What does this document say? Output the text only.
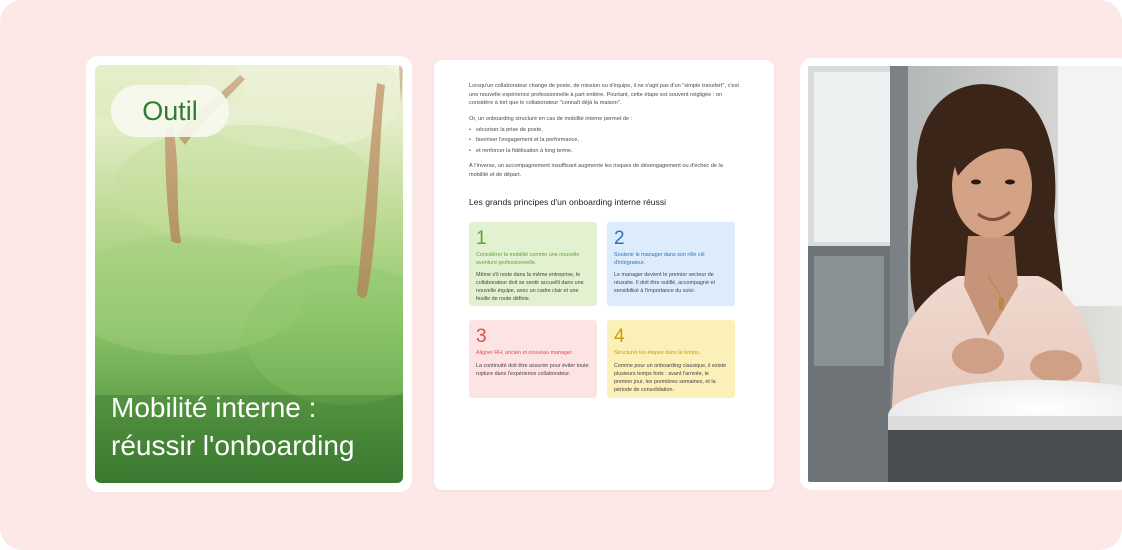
Outil
Mobilité interne : réussir l'onboarding

Lorsqu'un collaborateur change de poste, de mission ou d'équipe, il ne s'agit pas d'un "simple transfert", c'est une nouvelle expérience professionnelle à part entière. Pourtant, cette étape est souvent négligée : on considère à tort que le collaborateur "connaît déjà la maison".

Or, un onboarding structuré en cas de mobilité interne permet de :

• sécuriser la prise de poste,
• favoriser l'engagement et la performance,
• et renforcer la fidélisation à long terme.

À l'inverse, un accompagnement insuffisant augmente les risques de désengagement ou d'échec de la mobilité et de départ.

Les grands principes d'un onboarding interne réussi
1
Considérer la mobilité comme une nouvelle aventure professionnelle.
Même s'il reste dans la même entreprise, le collaborateur doit se sentir accueilli dans une nouvelle équipe, avec un cadre clair et une feuille de route définie.
2
Soutenir le manager dans son rôle clé d'intégrateur.
Le manager devient le premier vecteur de réussite. Il doit être outillé, accompagné et sensibilisé à l'importance du suivi.
3
Aligner RH, ancien et nouveau manager.
La continuité doit être assurée pour éviter toute rupture dans l'expérience collaborateur.
4
Structurer les étapes dans le temps.
Comme pour un onboarding classique, il existe plusieurs temps forts : avant l'arrivée, le premier jour, les premières semaines, et la période de consolidation.
